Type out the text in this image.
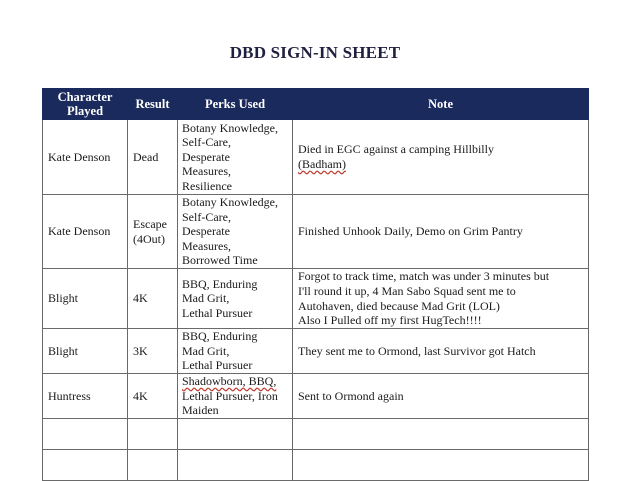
DBD SIGN-IN SHEET
Character
Played	Result	Perks Used	Note
Kate Denson	Dead	Botany Knowledge,
Self-Care,
Desperate
Measures,
Resilience	Died in EGC against a camping Hillbilly
(Badham)

Kate Denson	Escape
(4Out)	Botany Knowledge,
Self-Care,
Desperate
Measures,
Borrowed Time	Finished Unhook Daily, Demo on Grim Pantry

Blight	4K	BBQ, Enduring
Mad Grit,
Lethal Pursuer	Forgot to track time, match was under 3 minutes but
I'll round it up, 4 Man Sabo Squad sent me to
Autohaven, died because Mad Grit (LOL)
Also I Pulled off my first HugTech!!!!

Blight	3K	BBQ, Enduring
Mad Grit,
Lethal Pursuer	They sent me to Ormond, last Survivor got Hatch

Huntress	4K	Shadowborn, BBQ,
Lethal Pursuer, Iron
Maiden	Sent to Ormond again
